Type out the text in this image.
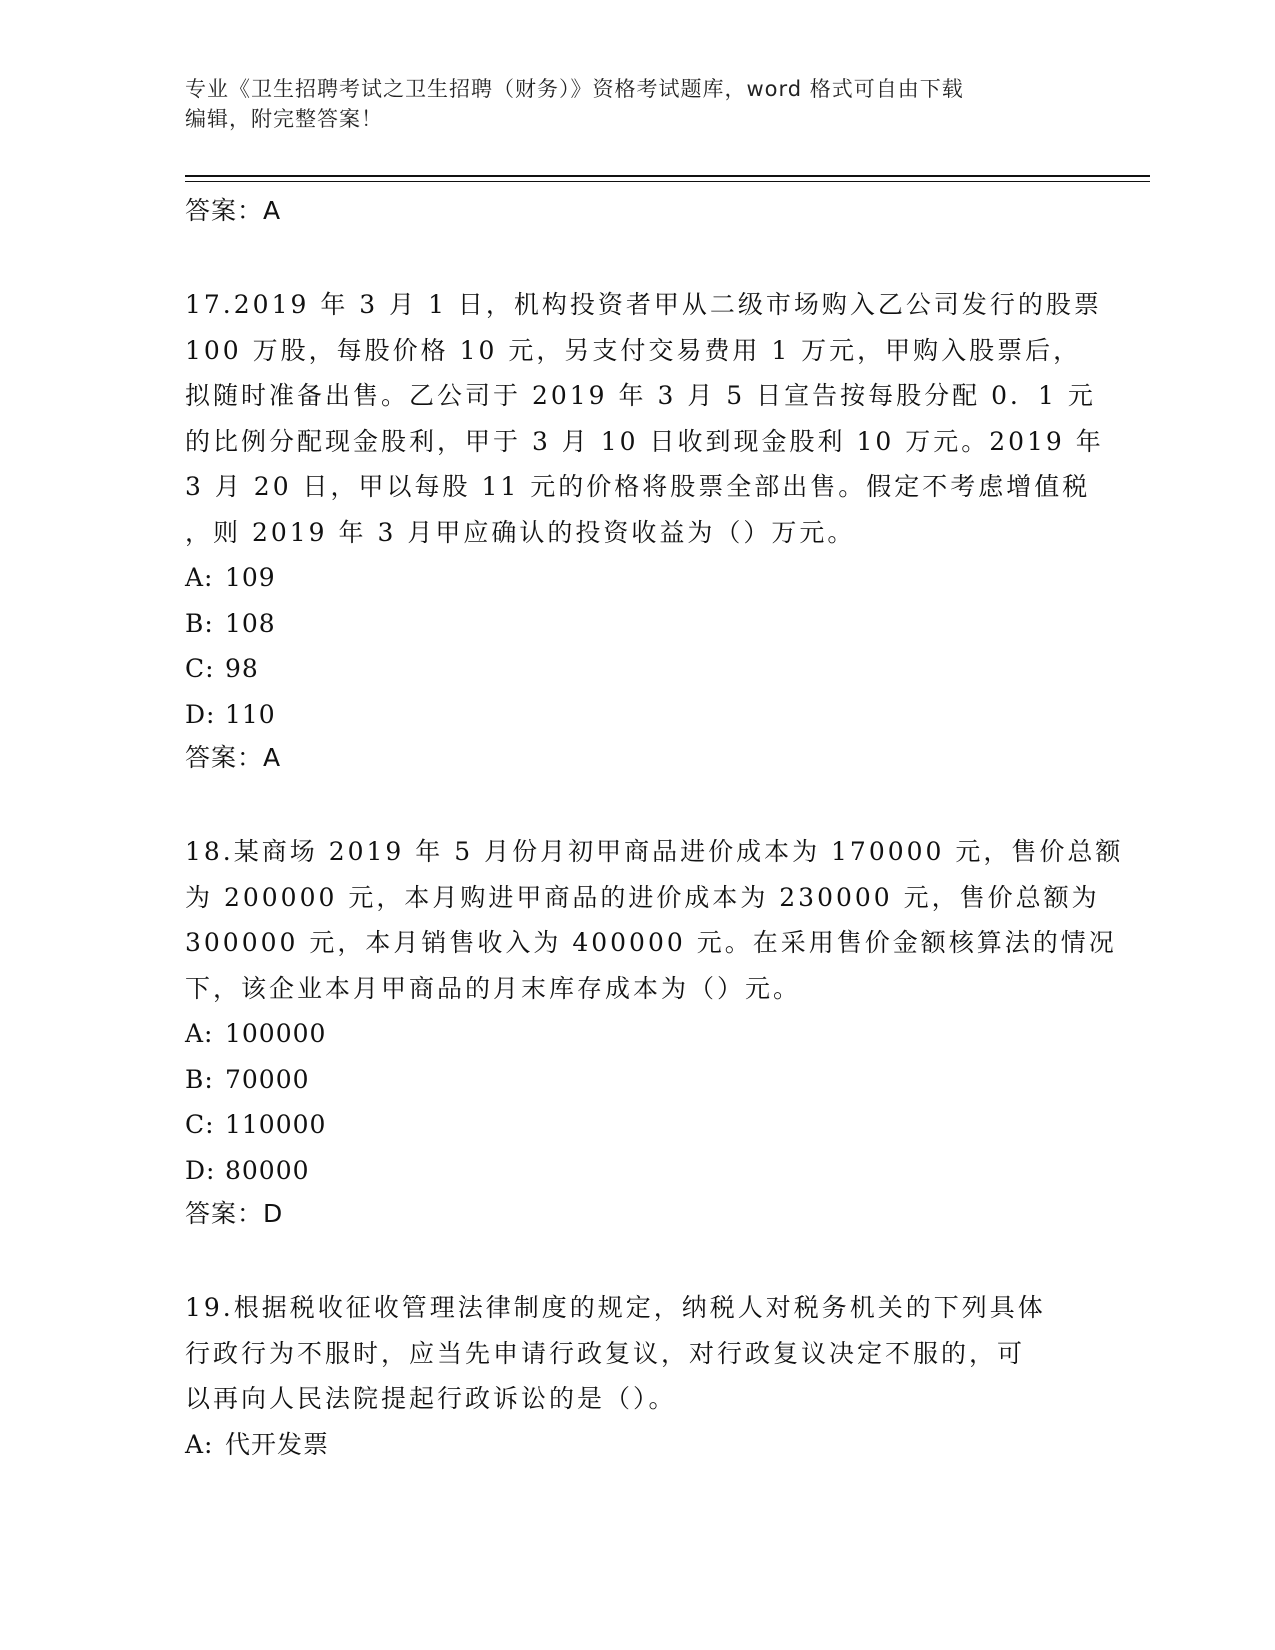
专业《卫生招聘考试之卫生招聘（财务）》资格考试题库，word 格式可自由下载
编辑，附完整答案！
答案：A
17.2019 年 3 月 1 日，机构投资者甲从二级市场购入乙公司发行的股票
100 万股，每股价格 10 元，另支付交易费用 1 万元，甲购入股票后，
拟随时准备出售。乙公司于 2019 年 3 月 5 日宣告按每股分配 0．1 元
的比例分配现金股利，甲于 3 月 10 日收到现金股利 10 万元。2019 年
3 月 20 日，甲以每股 11 元的价格将股票全部出售。假定不考虑增值税
，则 2019 年 3 月甲应确认的投资收益为（）万元。
A: 109
B: 108
C: 98
D: 110
答案：A
18.某商场 2019 年 5 月份月初甲商品进价成本为 170000 元，售价总额
为 200000 元，本月购进甲商品的进价成本为 230000 元，售价总额为
300000 元，本月销售收入为 400000 元。在采用售价金额核算法的情况
下，该企业本月甲商品的月末库存成本为（）元。
A: 100000
B: 70000
C: 110000
D: 80000
答案：D
19.根据税收征收管理法律制度的规定，纳税人对税务机关的下列具体
行政行为不服时，应当先申请行政复议，对行政复议决定不服的，可
以再向人民法院提起行政诉讼的是（）。
A: 代开发票
